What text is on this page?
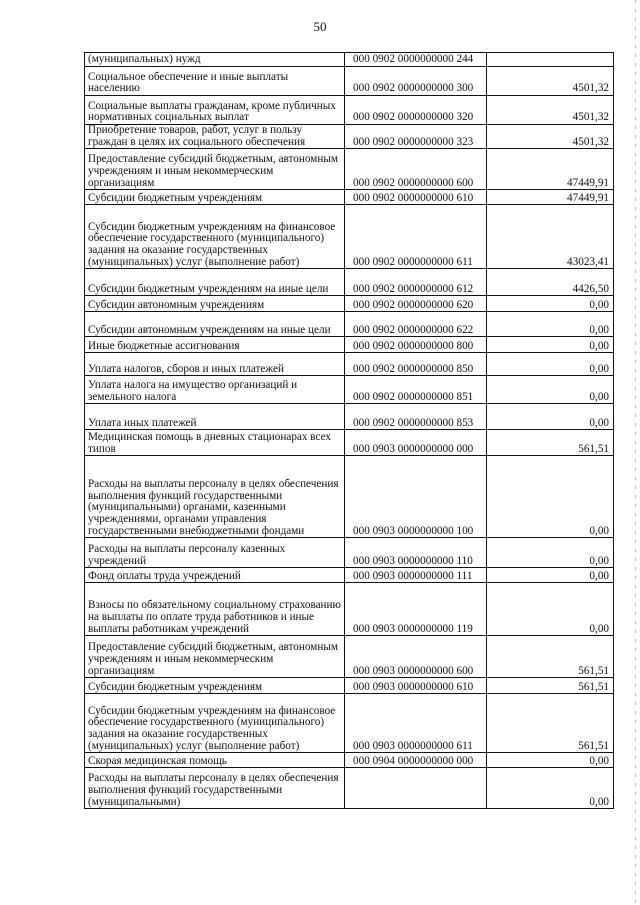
50
(муниципальных) нужд	000 0902 0000000000 244	
Социальное обеспечение и иные выплаты населению	000 0902 0000000000 300	4501,32
Социальные выплаты гражданам, кроме публичных нормативных социальных выплат	000 0902 0000000000 320	4501,32
Приобретение товаров, работ, услуг в пользу граждан в целях их социального обеспечения	000 0902 0000000000 323	4501,32
Предоставление субсидий бюджетным, автономным учреждениям и иным некоммерческим организациям	000 0902 0000000000 600	47449,91
Субсидии бюджетным учреждениям	000 0902 0000000000 610	47449,91
Субсидии бюджетным учреждениям на финансовое обеспечение государственного (муниципального) задания на оказание государственных (муниципальных) услуг (выполнение работ)	000 0902 0000000000 611	43023,41
Субсидии бюджетным учреждениям на иные цели	000 0902 0000000000 612	4426,50
Субсидии автономным учреждениям	000 0902 0000000000 620	0,00
Субсидии автономным учреждениям на иные цели	000 0902 0000000000 622	0,00
Иные бюджетные ассигнования	000 0902 0000000000 800	0,00
Уплата налогов, сборов и иных платежей	000 0902 0000000000 850	0,00
Уплата налога на имущество организаций и земельного налога	000 0902 0000000000 851	0,00
Уплата иных платежей	000 0902 0000000000 853	0,00
Медицинская помощь в дневных стационарах всех типов	000 0903 0000000000 000	561,51
Расходы на выплаты персоналу в целях обеспечения выполнения функций государственными (муниципальными) органами, казенными учреждениями, органами управления государственными внебюджетными фондами	000 0903 0000000000 100	0,00
Расходы на выплаты персоналу казенных учреждений	000 0903 0000000000 110	0,00
Фонд оплаты труда учреждений	000 0903 0000000000 111	0,00
Взносы по обязательному социальному страхованию на выплаты по оплате труда работников и иные выплаты работникам учреждений	000 0903 0000000000 119	0,00
Предоставление субсидий бюджетным, автономным учреждениям и иным некоммерческим организациям	000 0903 0000000000 600	561,51
Субсидии бюджетным учреждениям	000 0903 0000000000 610	561,51
Субсидии бюджетным учреждениям на финансовое обеспечение государственного (муниципального) задания на оказание государственных (муниципальных) услуг (выполнение работ)	000 0903 0000000000 611	561,51
Скорая медицинская помощь	000 0904 0000000000 000	0,00
Расходы на выплаты персоналу в целях обеспечения выполнения функций государственными (муниципальными)		0,00
